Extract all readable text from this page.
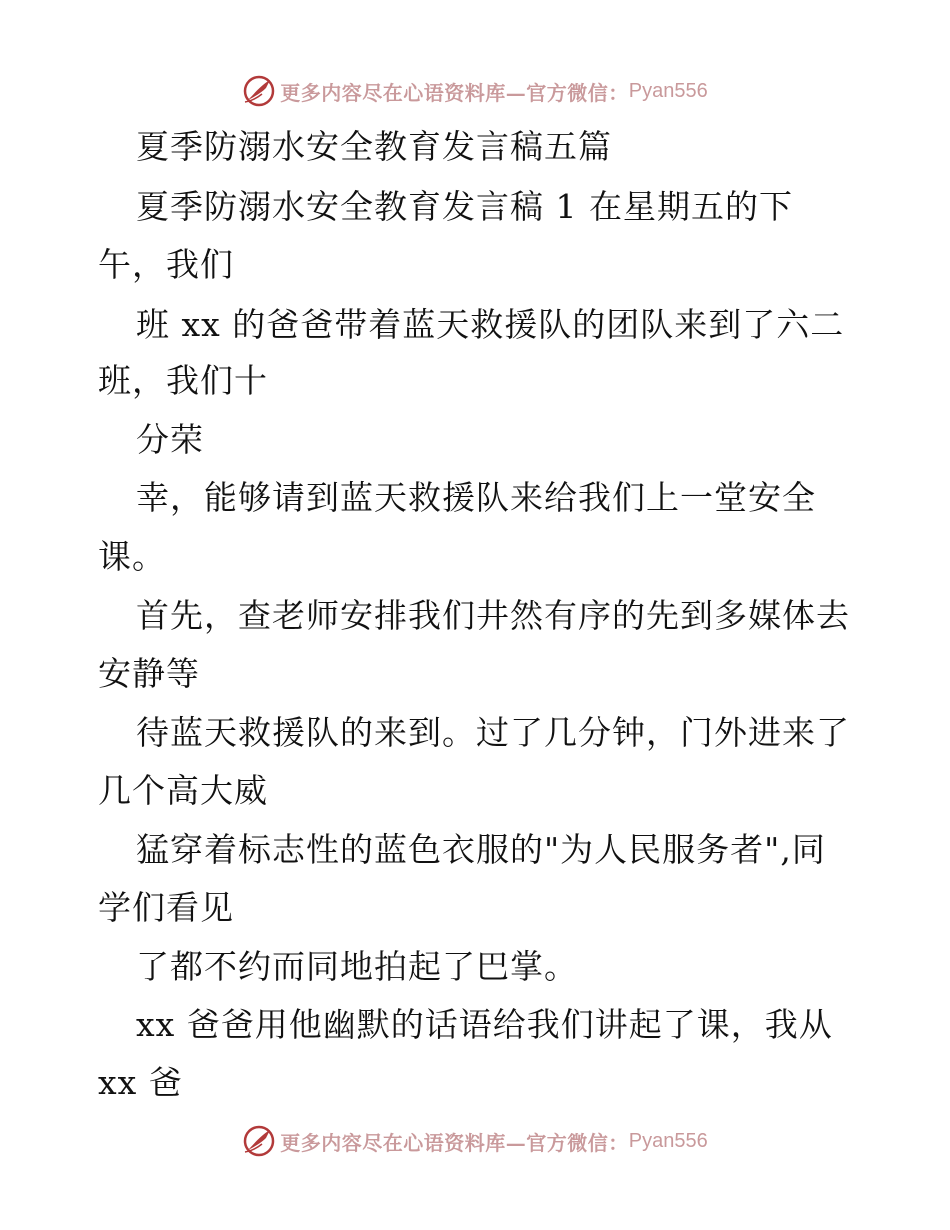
更多内容尽在心语资料库—官方微信： Pyan556
夏季防溺水安全教育发言稿五篇
夏季防溺水安全教育发言稿 1 在星期五的下
午，我们
班 xx 的爸爸带着蓝天救援队的团队来到了六二
班，我们十
分荣
幸，能够请到蓝天救援队来给我们上一堂安全
课。
首先，查老师安排我们井然有序的先到多媒体去
安静等
待蓝天救援队的来到。过了几分钟，门外进来了
几个高大威
猛穿着标志性的蓝色衣服的"为人民服务者",同
学们看见
了都不约而同地拍起了巴掌。
xx 爸爸用他幽默的话语给我们讲起了课，我从
xx 爸
更多内容尽在心语资料库—官方微信： Pyan556
